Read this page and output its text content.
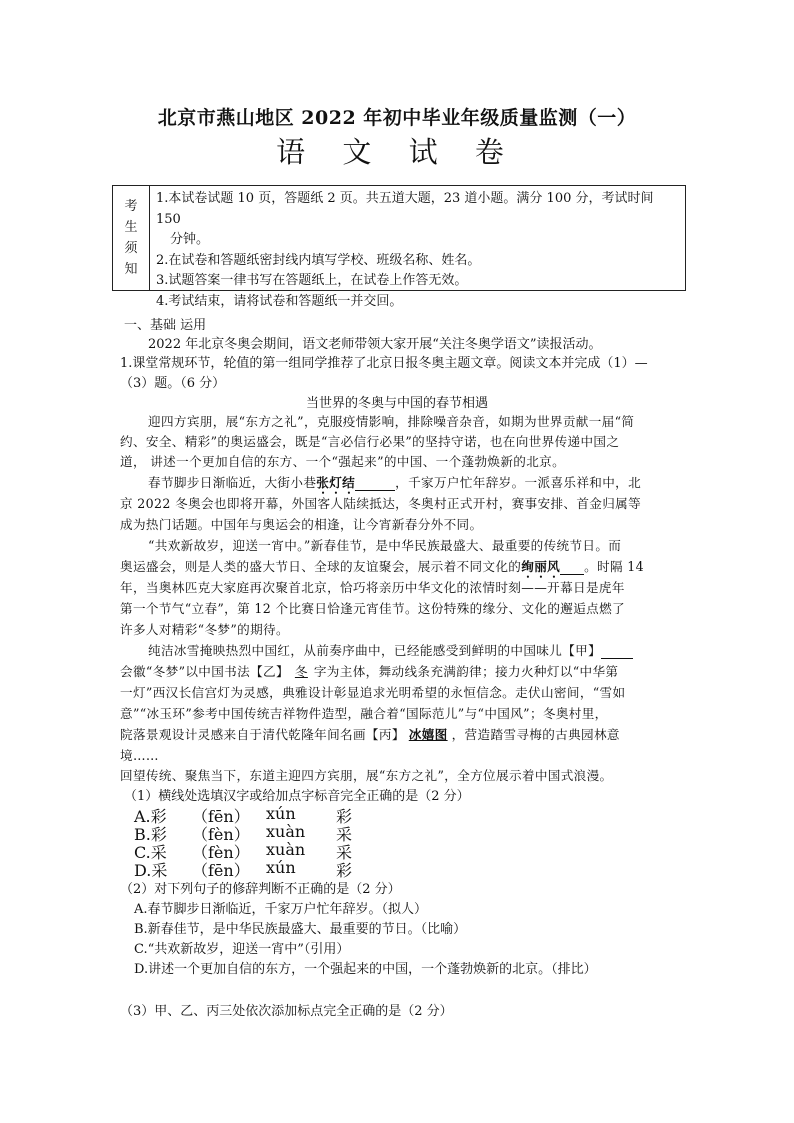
北京市燕山地区 2022 年初中毕业年级质量监测（一）
语 文 试 卷
考
生
须
知
1.本试卷试题 10 页，答题纸 2 页。共五道大题，23 道小题。满分 100 分，考试时间 150
分钟。
2.在试卷和答题纸密封线内填写学校、班级名称、姓名。
3.试题答案一律书写在答题纸上，在试卷上作答无效。
4.考试结束，请将试卷和答题纸一并交回。
一、基础 运用
2022 年北京冬奥会期间，语文老师带领大家开展“关注冬奥学语文”读报活动。
1.课堂常规环节，轮值的第一组同学推荐了北京日报冬奥主题文章。阅读文本并完成（1）—
（3）题。（6 分）
当世界的冬奥与中国的春节相遇
迎四方宾朋，展“东方之礼”，克服疫情影响，排除噪音杂音，如期为世界贡献一届“简
约、安全、精彩”的奥运盛会，既是“言必信行必果”的坚持守诺，也在向世界传递中国之
道， 讲述一个更加自信的东方、一个“强起来”的中国、一个蓬勃焕新的北京。
春节脚步日渐临近，大街小巷张灯结	，千家万户忙年辞岁。一派喜乐祥和中，北
京 2022 冬奥会也即将开幕，外国客人陆续抵达，冬奥村正式开村，赛事安排、首金归属等
成为热门话题。中国年与奥运会的相逢，让今宵新春分外不同。
“共欢新故岁，迎送一宵中。”新春佳节，是中华民族最盛大、最重要的传统节日。而
奥运盛会，则是人类的盛大节日、全球的友谊聚会，展示着不同文化的绚丽风 。时隔 14
年，当奥林匹克大家庭再次聚首北京，恰巧将亲历中华文化的浓情时刻——开幕日是虎年
第一个节气“立春”，第 12 个比赛日恰逢元宵佳节。这份特殊的缘分、文化的邂逅点燃了
许多人对精彩“冬梦”的期待。
纯洁冰雪掩映热烈中国红，从前奏序曲中，已经能感受到鲜明的中国味儿【甲】
会徽“冬梦”以中国书法【乙】 冬 字为主体，舞动线条充满韵律；接力火种灯以“中华第
一灯”西汉长信宫灯为灵感，典雅设计彰显追求光明希望的永恒信念。走伏山密间，“雪如
意”“冰玉环”参考中国传统吉祥物件造型，融合着“国际范儿”与“中国风”；冬奥村里，
院落景观设计灵感来自于清代乾隆年间名画【丙】 冰嬉图 ，营造踏雪寻梅的古典园林意
境……
回望传统、聚焦当下，东道主迎四方宾朋，展“东方之礼”，全方位展示着中国式浪漫。
（1）横线处选填汉字或给加点字标音完全正确的是（2 分）
A.彩 （fēn） xún	彩
B.彩 （fèn） xuàn 采
C.采 （fèn） xuàn 采
D.采 （fēn） xún	彩
（2）对下列句子的修辞判断不正确的是（2 分）
A.春节脚步日渐临近，千家万户忙年辞岁。（拟人）
B.新春佳节，是中华民族最盛大、最重要的节日。（比喻）
C.“共欢新故岁，迎送一宵中”（引用）
D.讲述一个更加自信的东方，一个强起来的中国，一个蓬勃焕新的北京。（排比）
（3）甲、乙、丙三处依次添加标点完全正确的是（2 分）
